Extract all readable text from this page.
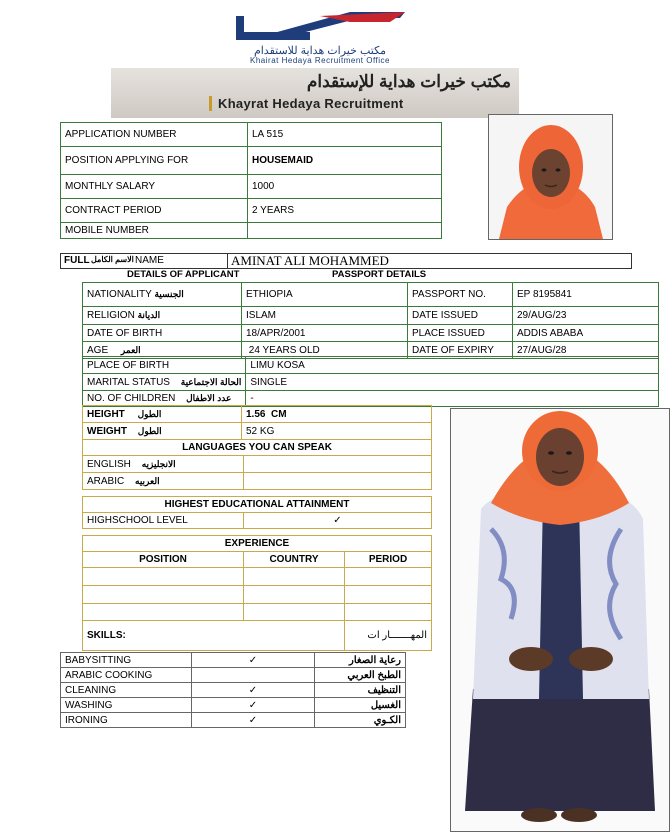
مكتب خيرات هداية للاستقدام
Khairat Hedaya Recruitment Office
مكتب خيرات هداية للإستقدام
Khayrat Hedaya Recruitment
APPLICATION NUMBER	LA 515
POSITION APPLYING FOR	HOUSEMAID
MONTHLY SALARY	1000
CONTRACT PERIOD	2 YEARS
MOBILE NUMBER	
FULL الاسم الكامل NAME	AMINAT ALI MOHAMMED
DETAILS OF APPLICANT	PASSPORT DETAILS
NATIONALITY الجنسية	ETHIOPIA	PASSPORT NO.	EP 8195841
RELIGION الديانة	ISLAM	DATE ISSUED	29/AUG/23
DATE OF BIRTH	18/APR/2001	PLACE ISSUED	ADDIS ABABA
AGE العمر	24 YEARS OLD	DATE OF EXPIRY	27/AUG/28
PLACE OF BIRTH	LIMU KOSA
MARITAL STATUS الحالة الاجتماعية	SINGLE
NO. OF CHILDREN عدد الاطفال	-
HEIGHT الطول	1.56  CM
WEIGHT الطول	52 KG
LANGUAGES YOU CAN SPEAK		
ENGLISH الانجليزيه		
ARABIC العربيه		

HIGHEST EDUCATIONAL ATTAINMENT		
HIGHSCHOOL LEVEL	✓	

EXPERIENCE		
POSITION	COUNTRY	PERIOD

SKILLS:		المهـــــــار ات
BABYSITTING	✓	رعاية الصغار
ARABIC COOKING		الطبخ العربي
CLEANING	✓	التنظيف
WASHING	✓	الغسيل
IRONING	✓	الكـوي
